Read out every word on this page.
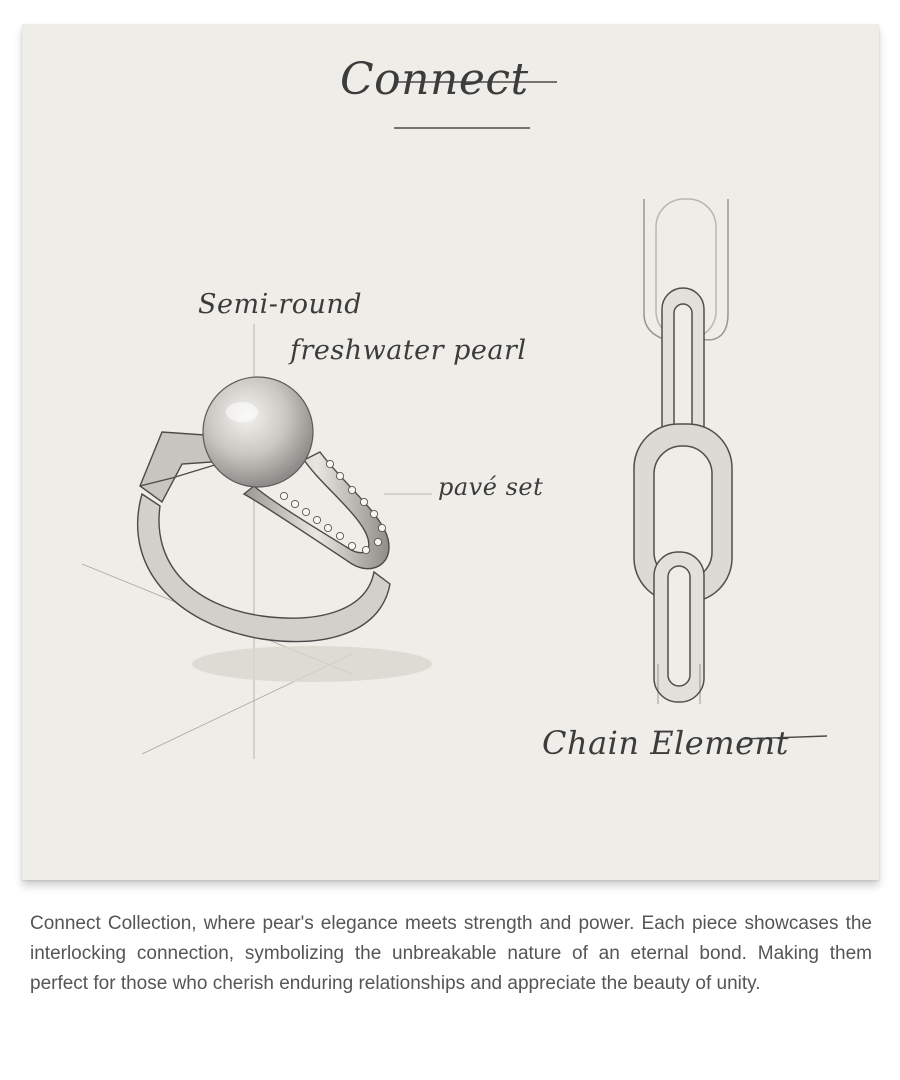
Connect
Semi-round
freshwater pearl
pavé set
Chain Element

Connect Collection, where pear's elegance meets strength and power. Each piece showcases the interlocking connection, symbolizing the unbreakable nature of an eternal bond. Making them perfect for those who cherish enduring relationships and appreciate the beauty of unity.
